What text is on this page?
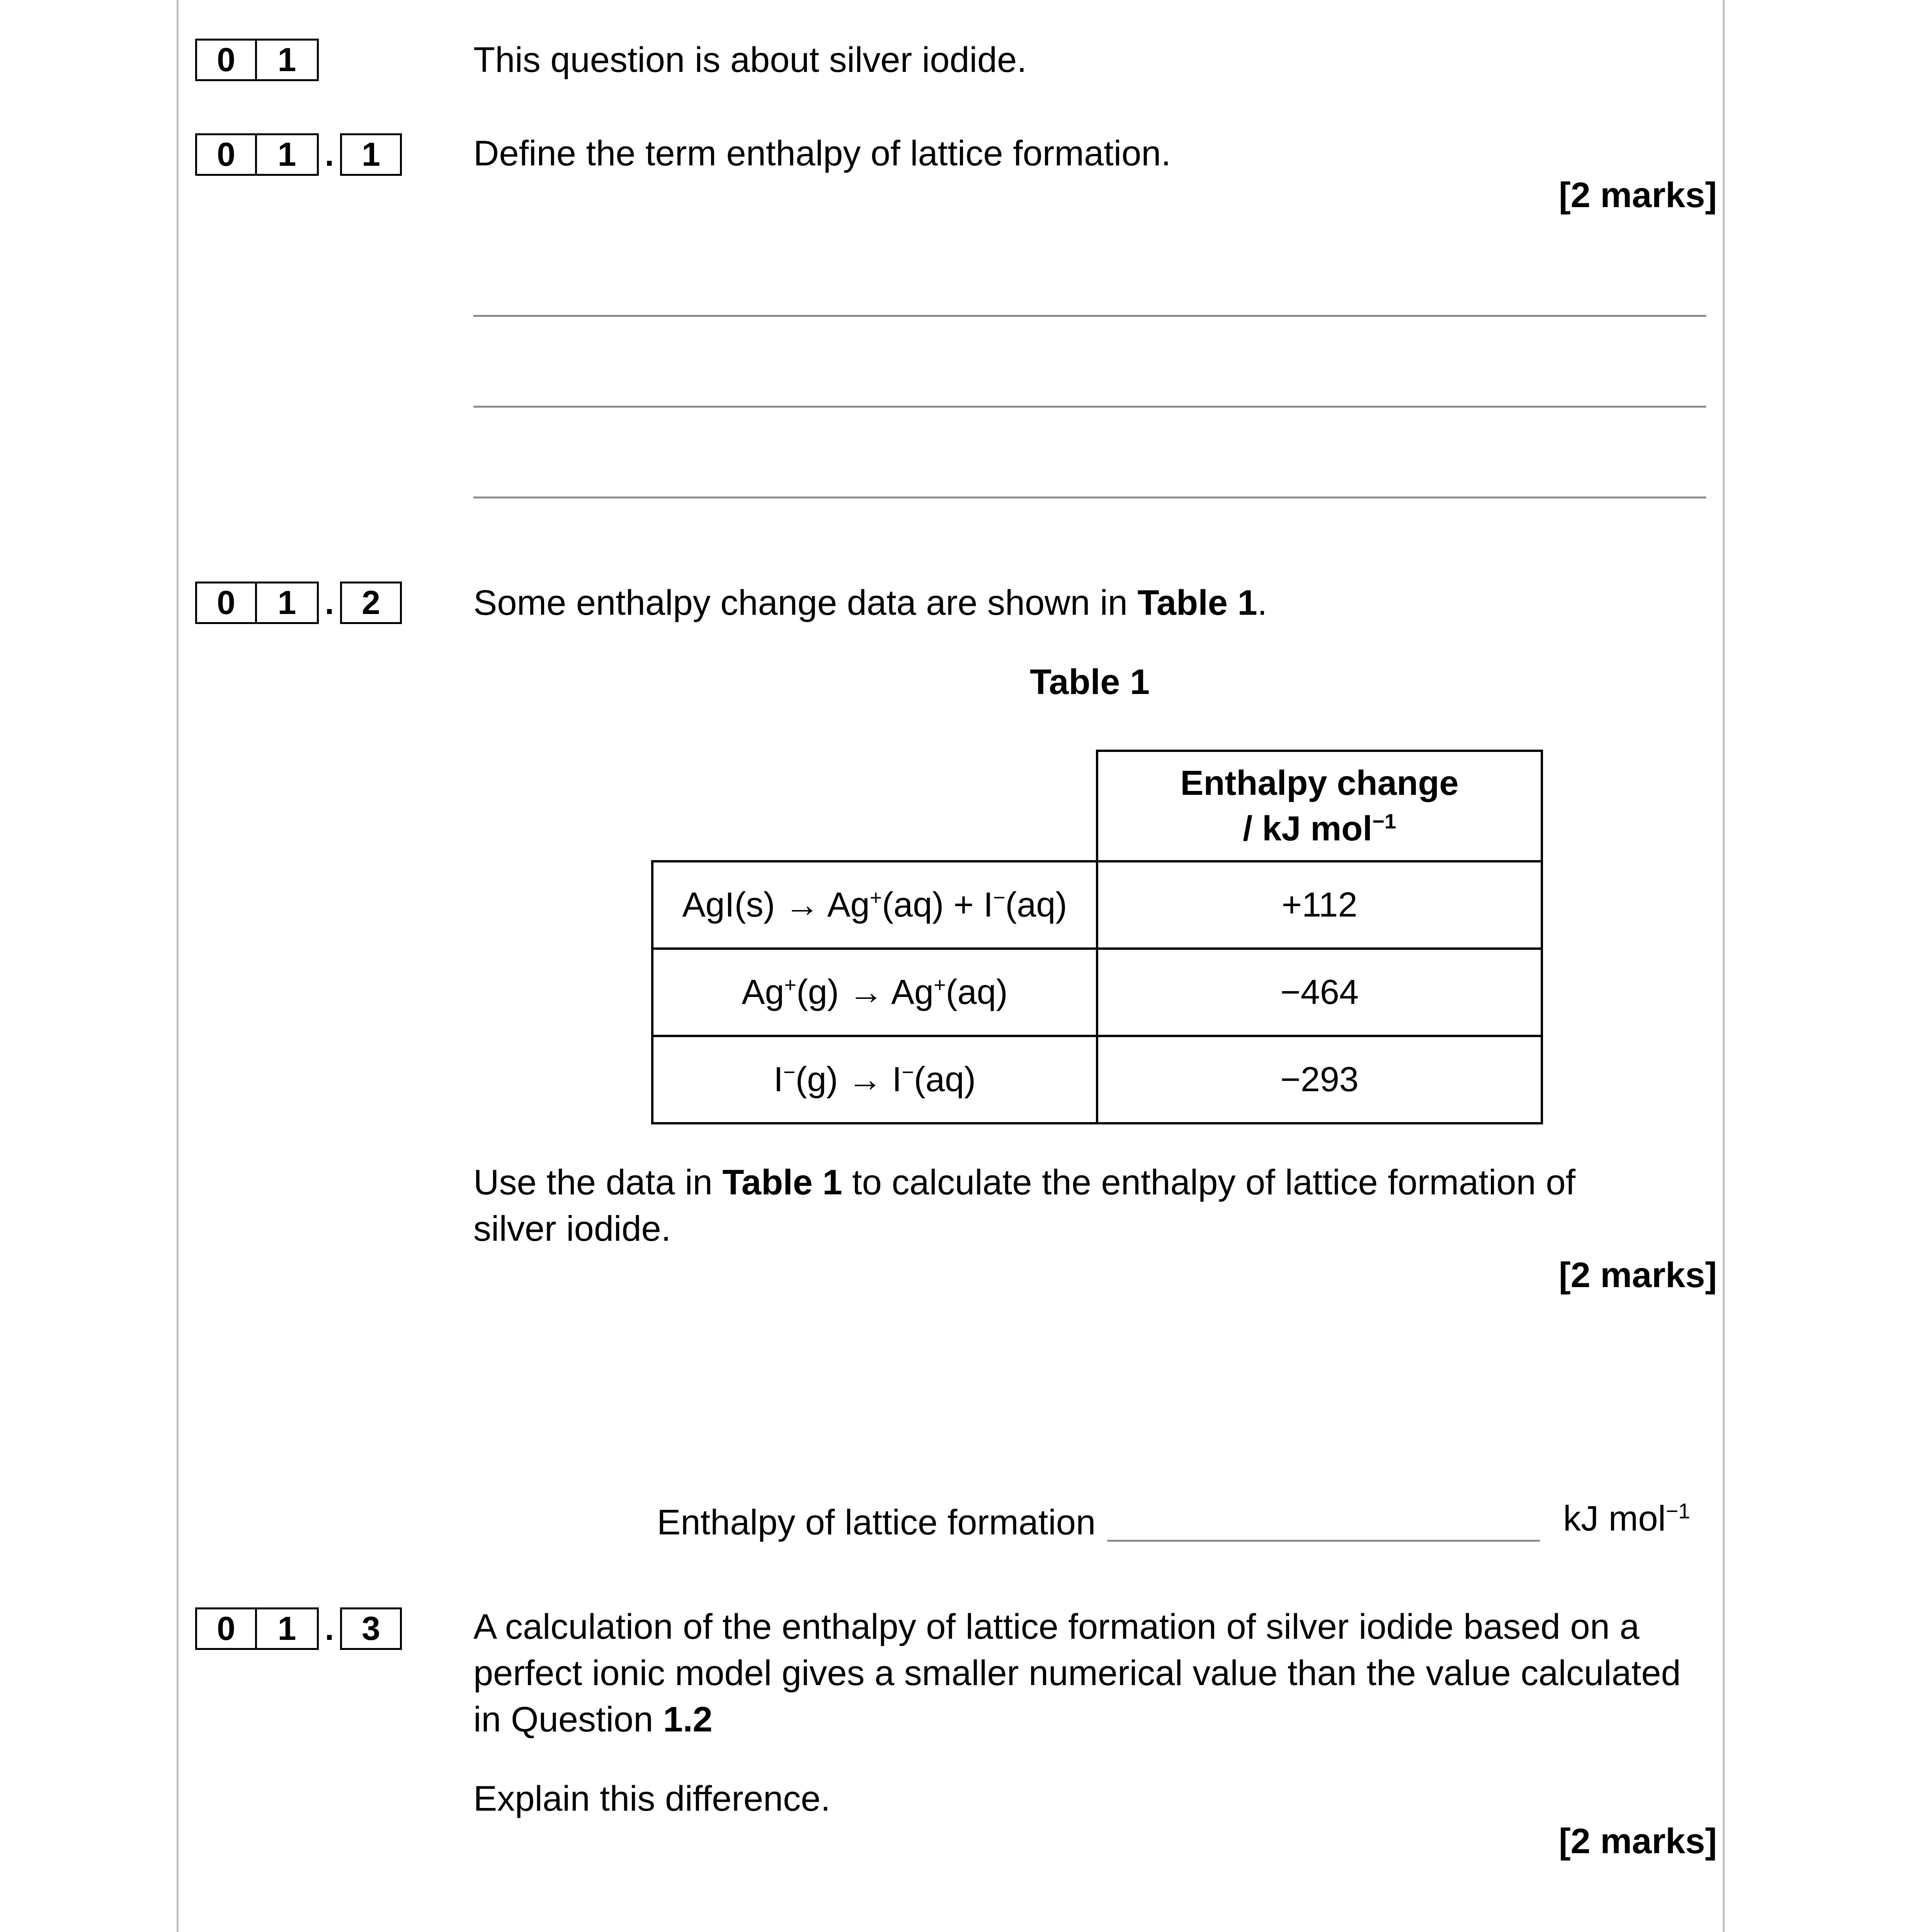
0	1	This question is about silver iodide.
0	1 . 1	Define the term enthalpy of lattice formation.
[2 marks]
0	1 . 2	Some enthalpy change data are shown in Table 1.
Table 1
	Enthalpy change
/ kJ mol$^{-1}$
AgI(s) → Ag+(aq) + I−(aq)	+112
Ag+(g) → Ag+(aq)	−464
I−(g) → I−(aq)	−293
Use the data in Table 1 to calculate the enthalpy of lattice formation of silver iodide.
[2 marks]
Enthalpy of lattice formation	kJ mol$^{-1}$
0	1 . 3	A calculation of the enthalpy of lattice formation of silver iodide based on a perfect ionic model gives a smaller numerical value than the value calculated in Question 1.2
Explain this difference.
[2 marks]
